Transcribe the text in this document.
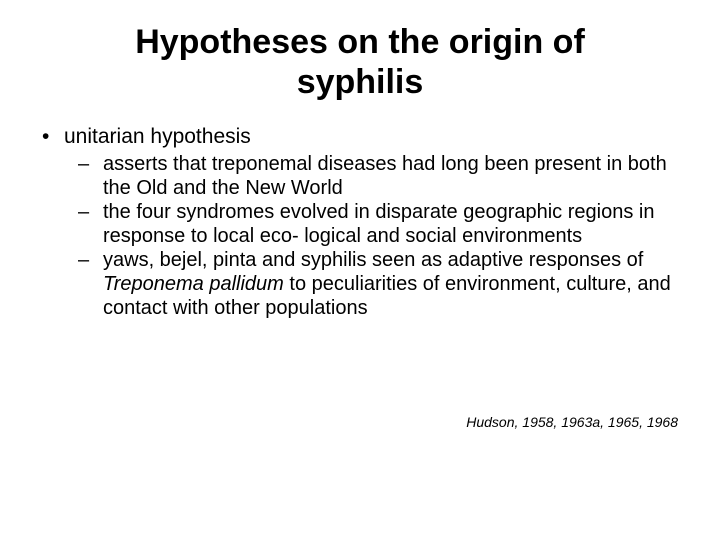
Hypotheses on the origin of
syphilis
• unitarian hypothesis
– asserts that treponemal diseases had long been present in both the Old and the New World
– the four syndromes evolved in disparate geographic regions in response to local eco- logical and social environments
– yaws, bejel, pinta and syphilis seen as adaptive responses of Treponema pallidum to peculiarities of environment, culture, and contact with other populations
Hudson, 1958, 1963a, 1965, 1968
